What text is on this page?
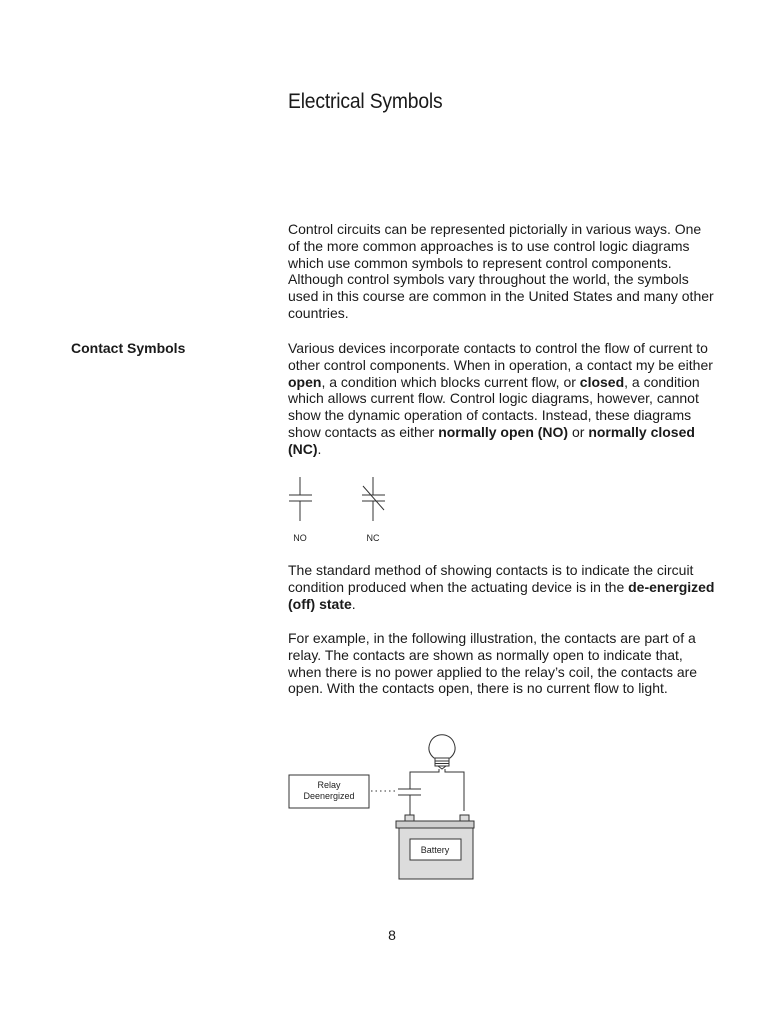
Electrical Symbols

Control circuits can be represented pictorially in various ways. One of the more common approaches is to use control logic diagrams which use common symbols to represent control components. Although control symbols vary throughout the world, the symbols used in this course are common in the United States and many other countries.

Contact Symbols	Various devices incorporate contacts to control the flow of current to other control components. When in operation, a contact my be either open, a condition which blocks current flow, or closed, a condition which allows current flow. Control logic diagrams, however, cannot show the dynamic operation of contacts. Instead, these diagrams show contacts as either normally open (NO) or normally closed (NC).

NO	NC

The standard method of showing contacts is to indicate the circuit condition produced when the actuating device is in the de-energized (off) state.

For example, in the following illustration, the contacts are part of a relay. The contacts are shown as normally open to indicate that, when there is no power applied to the relay’s coil, the contacts are open. With the contacts open, there is no current flow to light.

Relay
Deenergized
Battery
8
